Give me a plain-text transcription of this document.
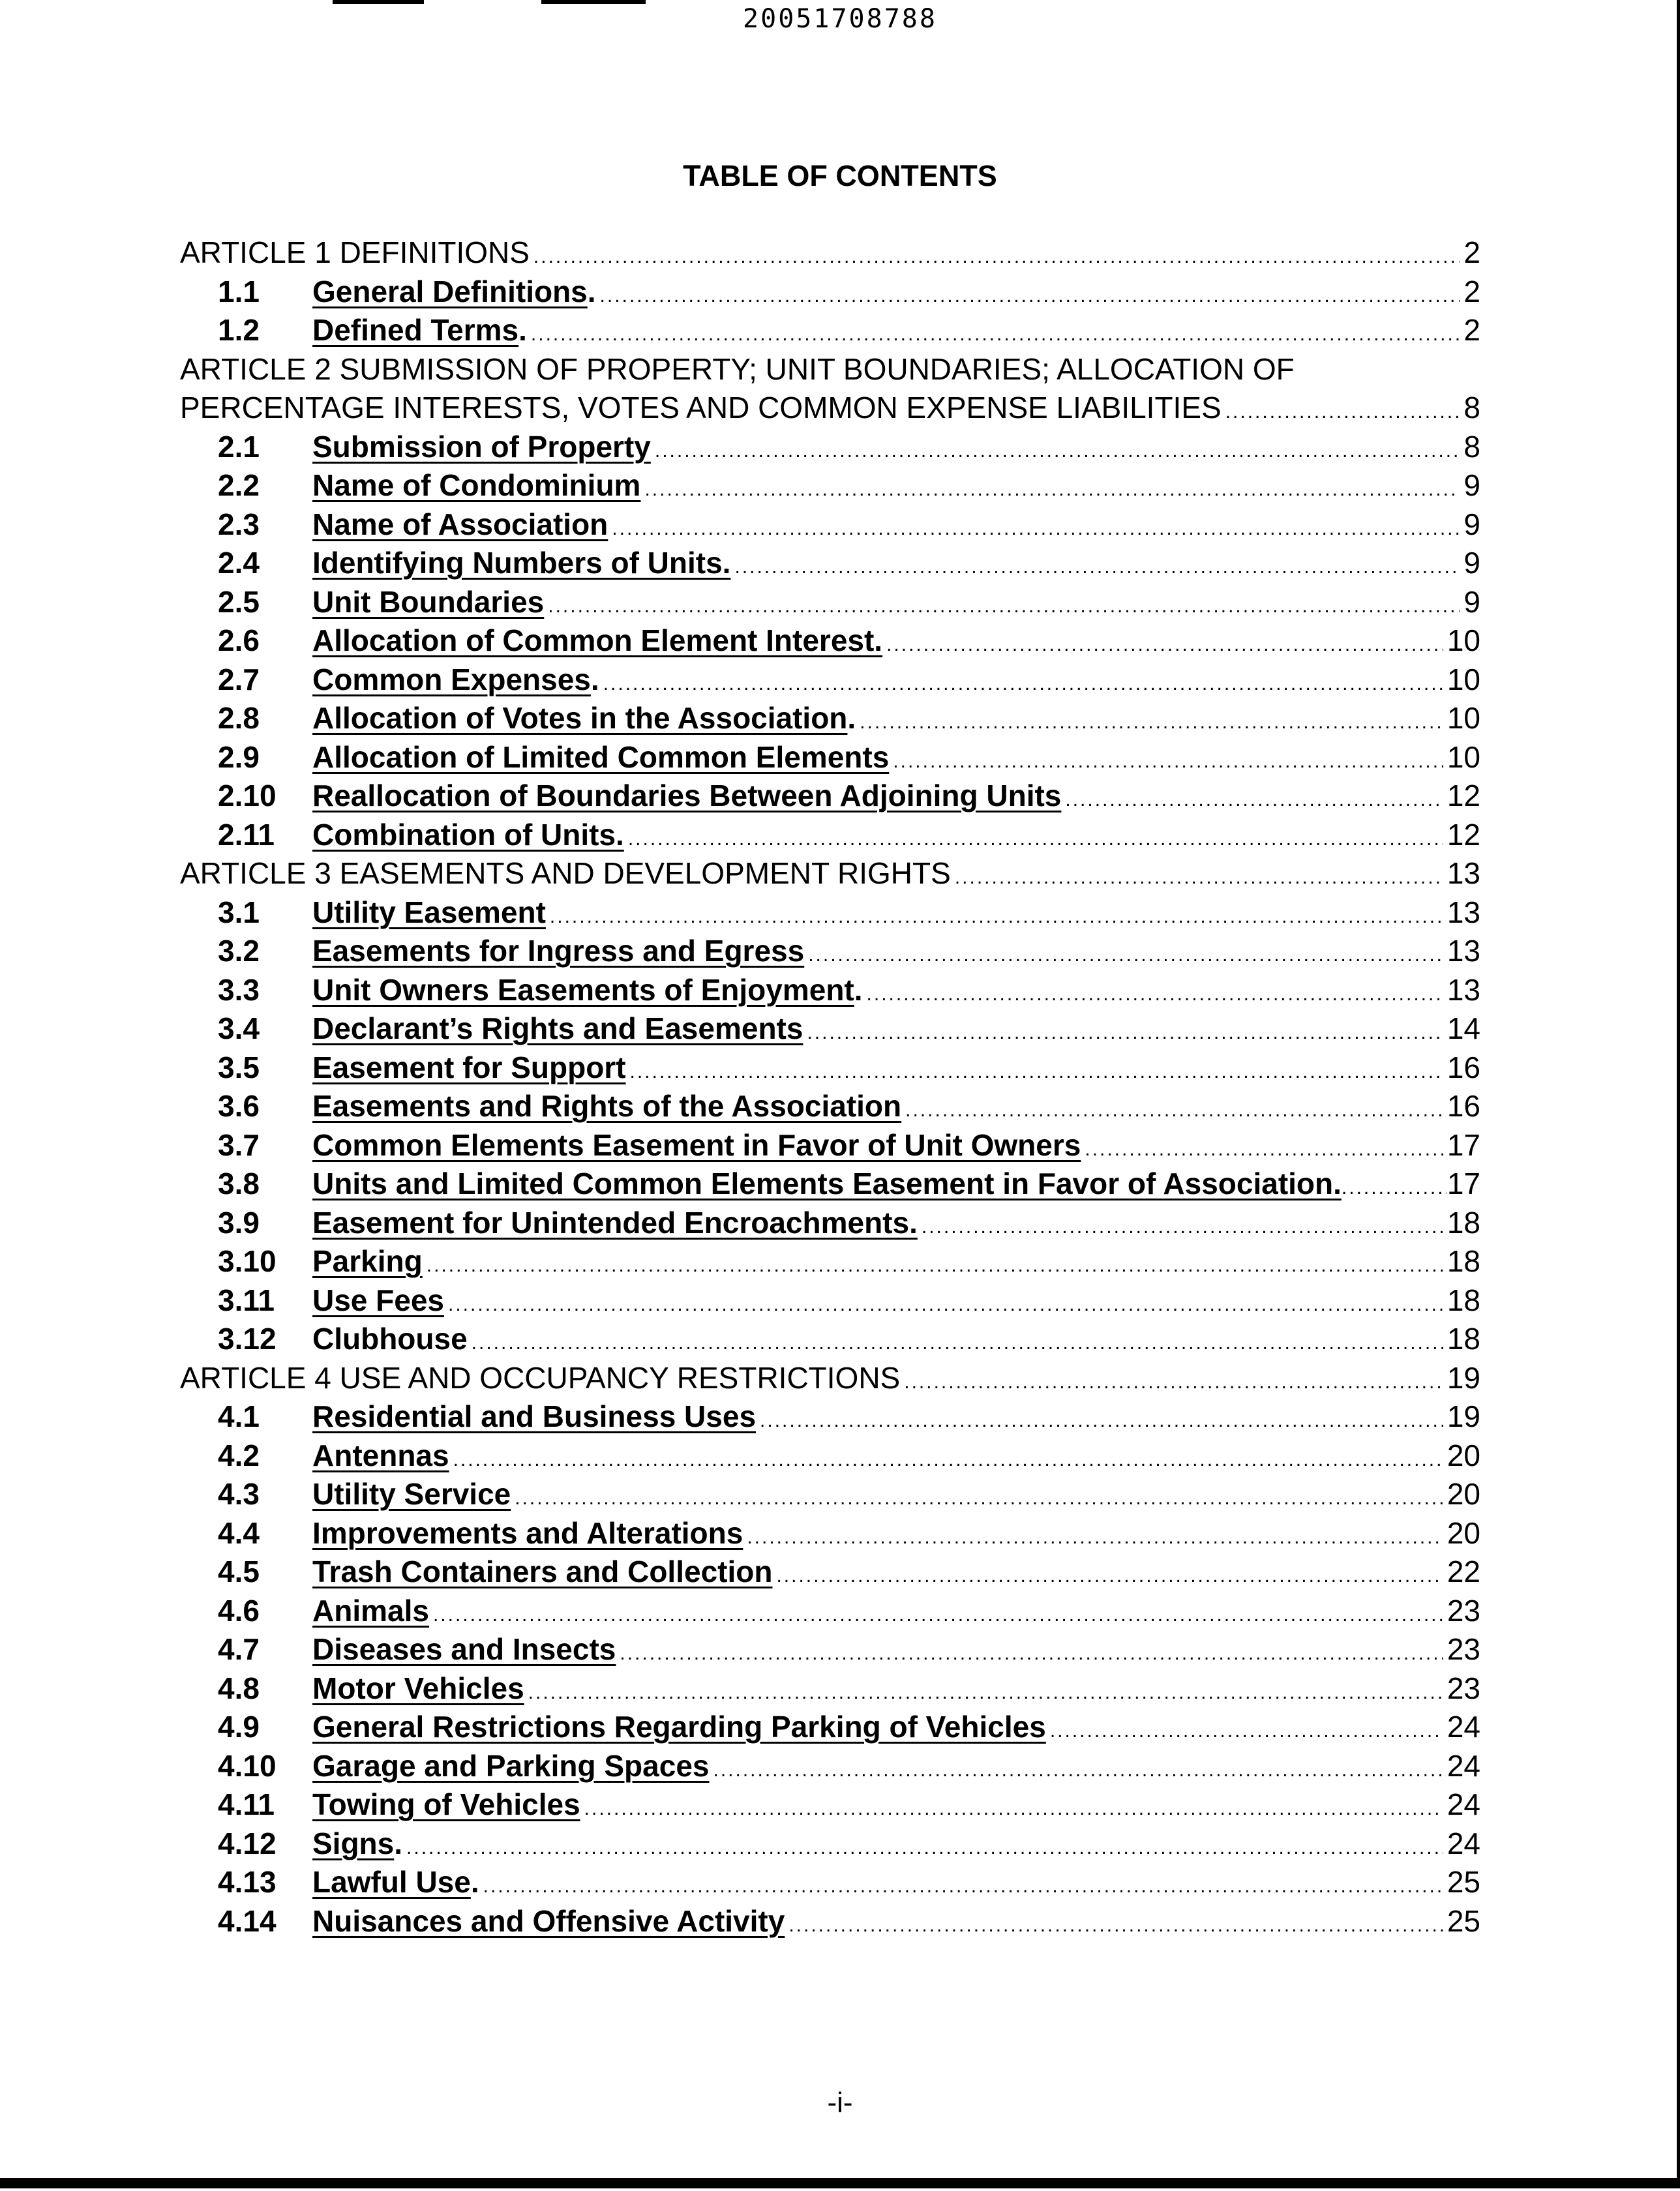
20051708788
TABLE OF CONTENTS
ARTICLE 1 DEFINITIONS .....	2
1.1	General Definitions . .....	2
1.2	Defined Terms . .....	2
ARTICLE 2 SUBMISSION OF PROPERTY; UNIT BOUNDARIES; ALLOCATION OF
PERCENTAGE INTERESTS, VOTES AND COMMON EXPENSE LIABILITIES .....	8
2.1	Submission of Property .....	8
2.2	Name of Condominium .....	9
2.3	Name of Association .....	9
2.4	Identifying Numbers of Units. .....	9
2.5	Unit Boundaries .....	9
2.6	Allocation of Common Element Interest. .....	10
2.7	Common Expenses . .....	10
2.8	Allocation of Votes in the Association . .....	10
2.9	Allocation of Limited Common Elements .....	10
2.10	Reallocation of Boundaries Between Adjoining Units .....	12
2.11	Combination of Units. .....	12
ARTICLE 3 EASEMENTS AND DEVELOPMENT RIGHTS .....	13
3.1	Utility Easement .....	13
3.2	Easements for Ingress and Egress .....	13
3.3	Unit Owners Easements of Enjoyment . .....	13
3.4	Declarant’s Rights and Easements .....	14
3.5	Easement for Support .....	16
3.6	Easements and Rights of the Association .....	16
3.7	Common Elements Easement in Favor of Unit Owners .....	17
3.8	Units and Limited Common Elements Easement in Favor of Association. .....	17
3.9	Easement for Unintended Encroachments. .....	18
3.10	Parking .....	18
3.11	Use Fees .....	18
3.12	Clubhouse .....	18
ARTICLE 4 USE AND OCCUPANCY RESTRICTIONS .....	19
4.1	Residential and Business Uses .....	19
4.2	Antennas .....	20
4.3	Utility Service .....	20
4.4	Improvements and Alterations .....	20
4.5	Trash Containers and Collection .....	22
4.6	Animals .....	23
4.7	Diseases and Insects .....	23
4.8	Motor Vehicles .....	23
4.9	General Restrictions Regarding Parking of Vehicles .....	24
4.10	Garage and Parking Spaces .....	24
4.11	Towing of Vehicles .....	24
4.12	Signs . .....	24
4.13	Lawful Use . .....	25
4.14	Nuisances and Offensive Activity .....	25
-i-
